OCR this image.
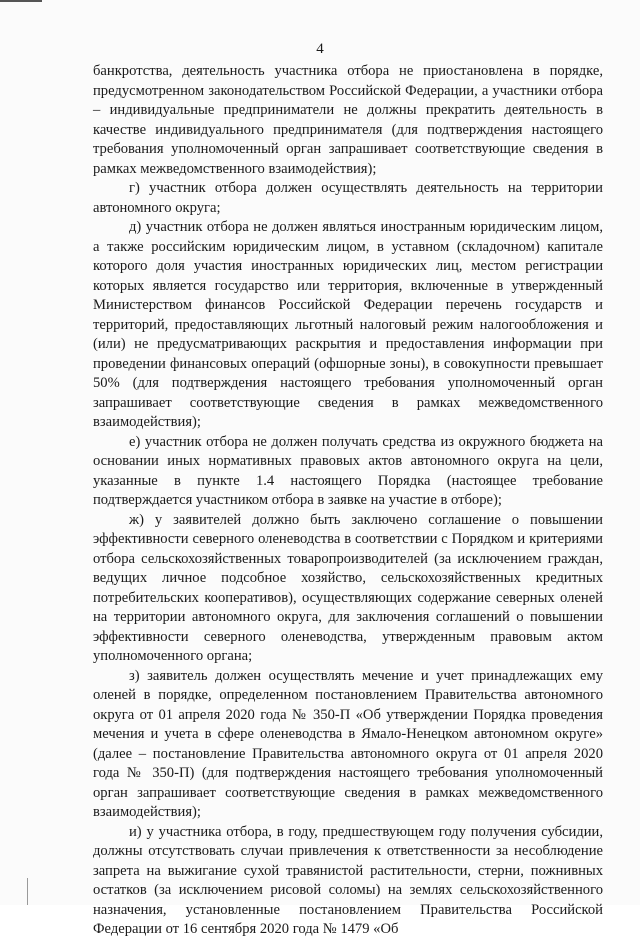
4

банкротства, деятельность участника отбора не приостановлена в порядке, предусмотренном законодательством Российской Федерации, а участники отбора – индивидуальные предприниматели не должны прекратить деятельность в качестве индивидуального предпринимателя (для подтверждения настоящего требования уполномоченный орган запрашивает соответствующие сведения в рамках межведомственного взаимодействия);

г) участник отбора должен осуществлять деятельность на территории автономного округа;

д) участник отбора не должен являться иностранным юридическим лицом, а также российским юридическим лицом, в уставном (складочном) капитале которого доля участия иностранных юридических лиц, местом регистрации которых является государство или территория, включенные в утвержденный Министерством финансов Российской Федерации перечень государств и территорий, предоставляющих льготный налоговый режим налогообложения и (или) не предусматривающих раскрытия и предоставления информации при проведении финансовых операций (офшорные зоны), в совокупности превышает 50% (для подтверждения настоящего требования уполномоченный орган запрашивает соответствующие сведения в рамках межведомственного взаимодействия);

е) участник отбора не должен получать средства из окружного бюджета на основании иных нормативных правовых актов автономного округа на цели, указанные в пункте 1.4 настоящего Порядка (настоящее требование подтверждается участником отбора в заявке на участие в отборе);

ж) у заявителей должно быть заключено соглашение о повышении эффективности северного оленеводства в соответствии с Порядком и критериями отбора сельскохозяйственных товаропроизводителей (за исключением граждан, ведущих личное подсобное хозяйство, сельскохозяйственных кредитных потребительских кооперативов), осуществляющих содержание северных оленей на территории автономного округа, для заключения соглашений о повышении эффективности северного оленеводства, утвержденным правовым актом уполномоченного органа;

з) заявитель должен осуществлять мечение и учет принадлежащих ему оленей в порядке, определенном постановлением Правительства автономного округа от 01 апреля 2020 года № 350-П «Об утверждении Порядка проведения мечения и учета в сфере оленеводства в Ямало-Ненецком автономном округе» (далее – постановление Правительства автономного округа от 01 апреля 2020 года № 350-П) (для подтверждения настоящего требования уполномоченный орган запрашивает соответствующие сведения в рамках межведомственного взаимодействия);

и) у участника отбора, в году, предшествующем году получения субсидии, должны отсутствовать случаи привлечения к ответственности за несоблюдение запрета на выжигание сухой травянистой растительности, стерни, пожнивных остатков (за исключением рисовой соломы) на землях сельскохозяйственного назначения, установленные постановлением Правительства Российской Федерации от 16 сентября 2020 года № 1479 «Об
